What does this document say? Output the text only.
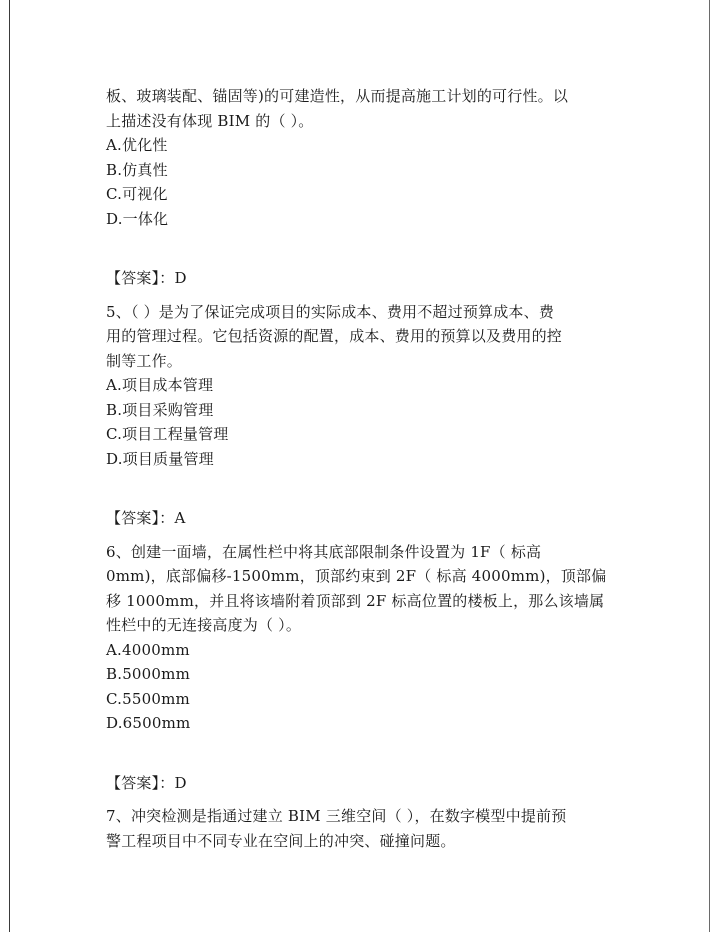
板、玻璃装配、锚固等)的可建造性，从而提高施工计划的可行性。以
上描述没有体现 BIM 的（ ）。
A.优化性
B.仿真性
C.可视化
D.一体化
【答案】：D
5、（ ）是为了保证完成项目的实际成本、费用不超过预算成本、费
用的管理过程。它包括资源的配置，成本、费用的预算以及费用的控
制等工作。
A.项目成本管理
B.项目采购管理
C.项目工程量管理
D.项目质量管理
【答案】：A
6、创建一面墙，在属性栏中将其底部限制条件设置为 1F（ 标高
0mm)，底部偏移-1500mm，顶部约束到 2F（ 标高 4000mm)，顶部偏
移 1000mm，并且将该墙附着顶部到 2F 标高位置的楼板上，那么该墙属
性栏中的无连接高度为（ ）。
A.4000mm
B.5000mm
C.5500mm
D.6500mm
【答案】：D
7、冲突检测是指通过建立 BIM 三维空间（ ），在数字模型中提前预
警工程项目中不同专业在空间上的冲突、碰撞问题。
